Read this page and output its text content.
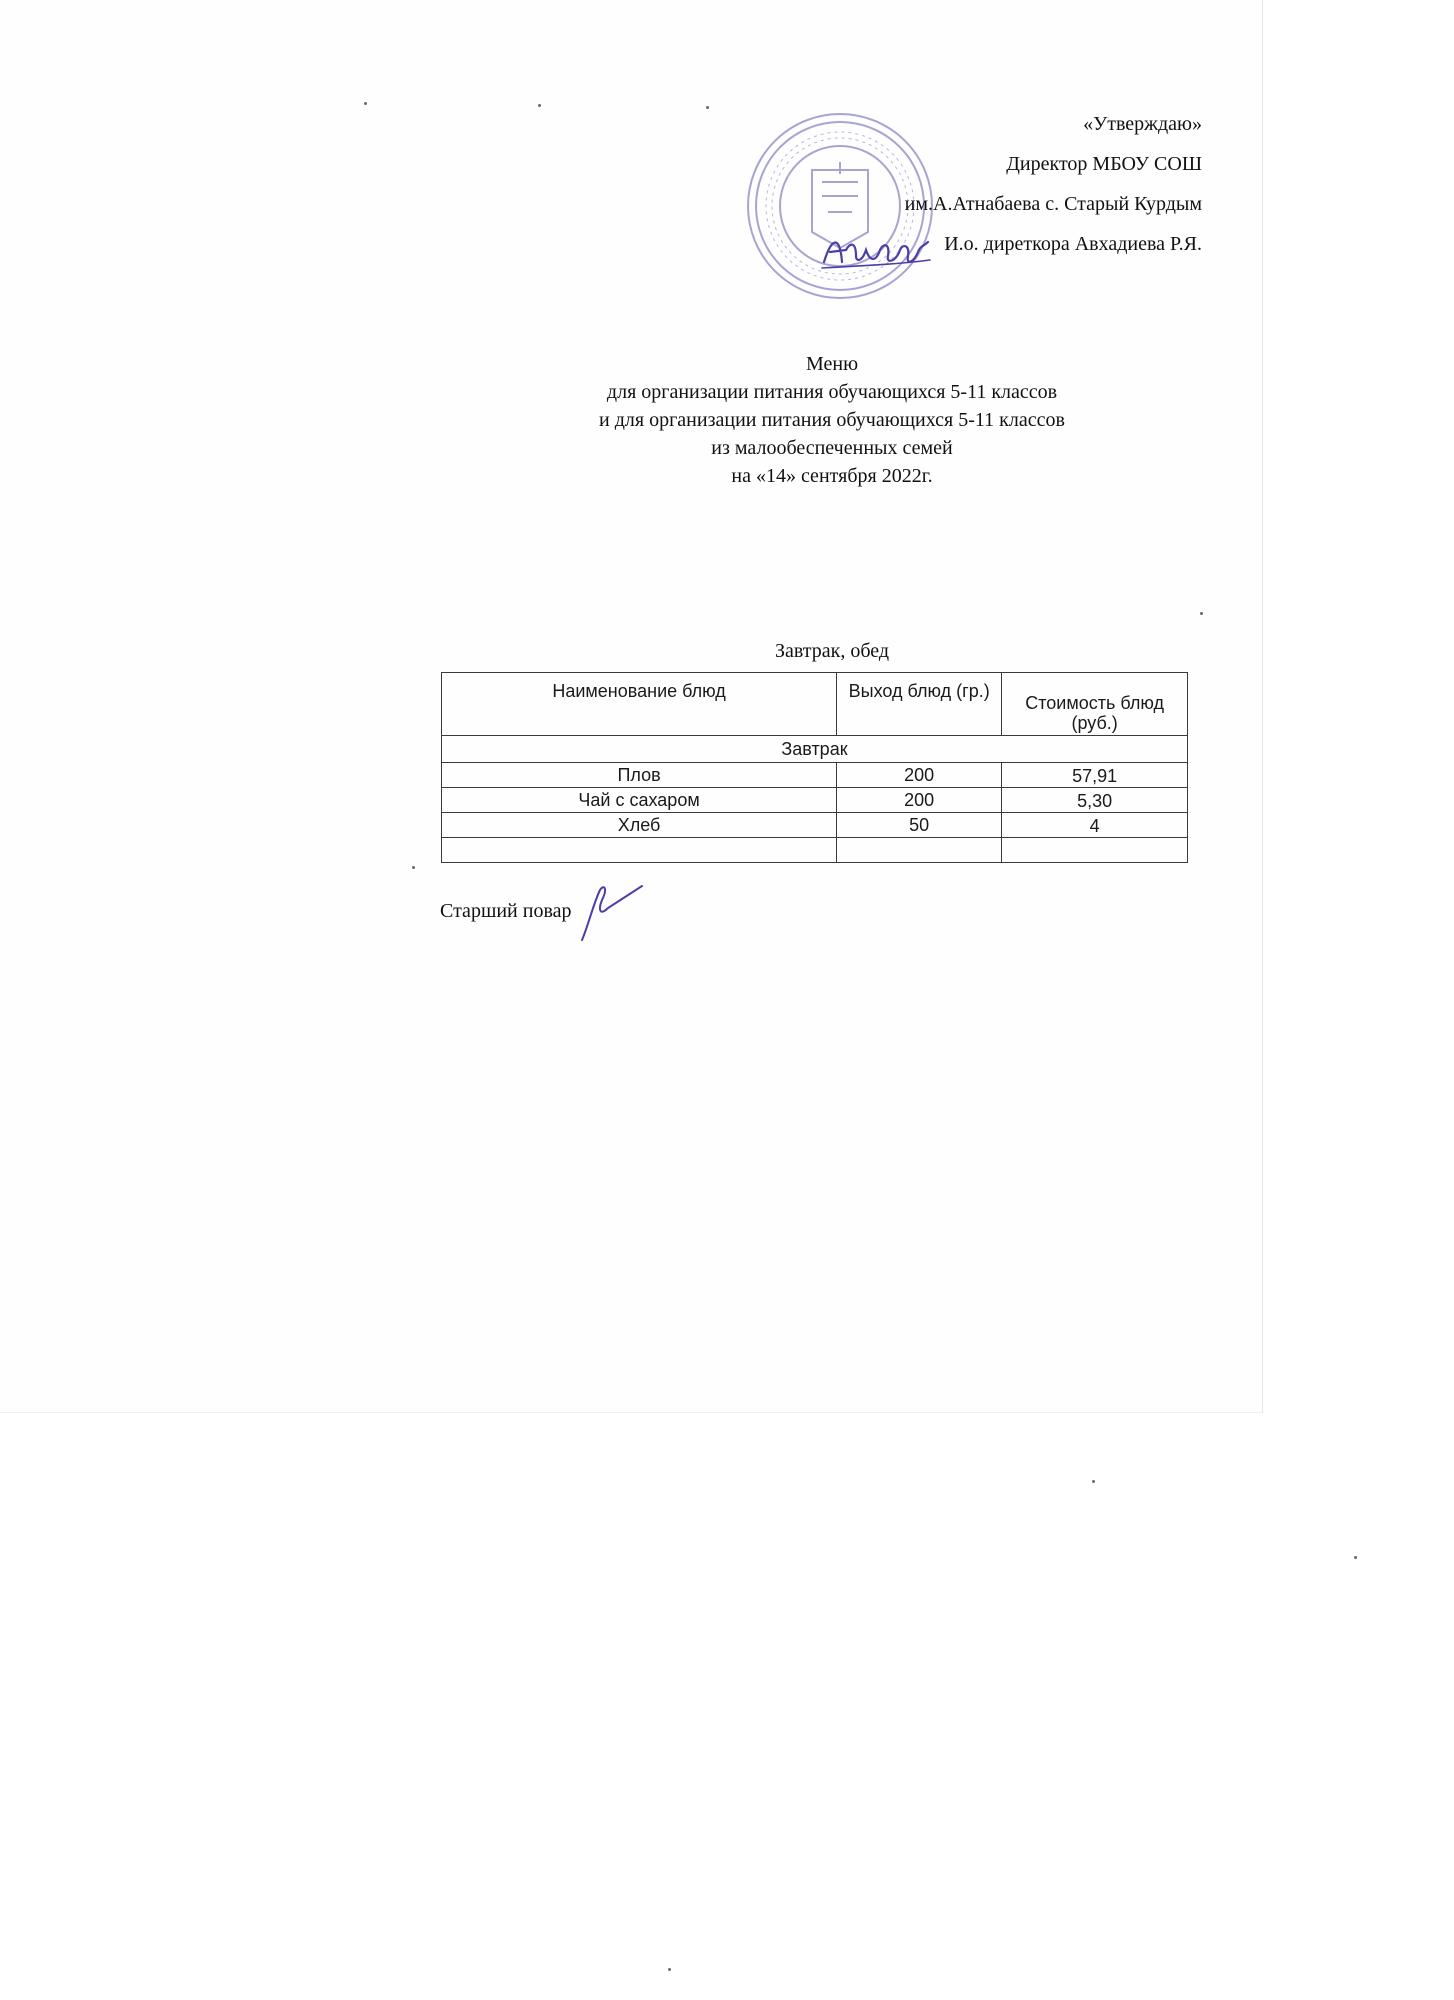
«Утверждаю»
Директор МБОУ СОШ
им.А.Атнабаева с. Старый Курдым
И.о. диреткора Авхадиева Р.Я.
Меню
для организации питания обучающихся 5-11 классов
и для организации питания обучающихся 5-11 классов
из малообеспеченных семей
на «14» сентября 2022г.
Завтрак, обед
Наименование блюд	Выход блюд (гр.)	Стоимость блюд (руб.)
Завтрак		
Плов	200	57,91
Чай с сахаром	200	5,30
Хлеб	50	4

Старший повар
